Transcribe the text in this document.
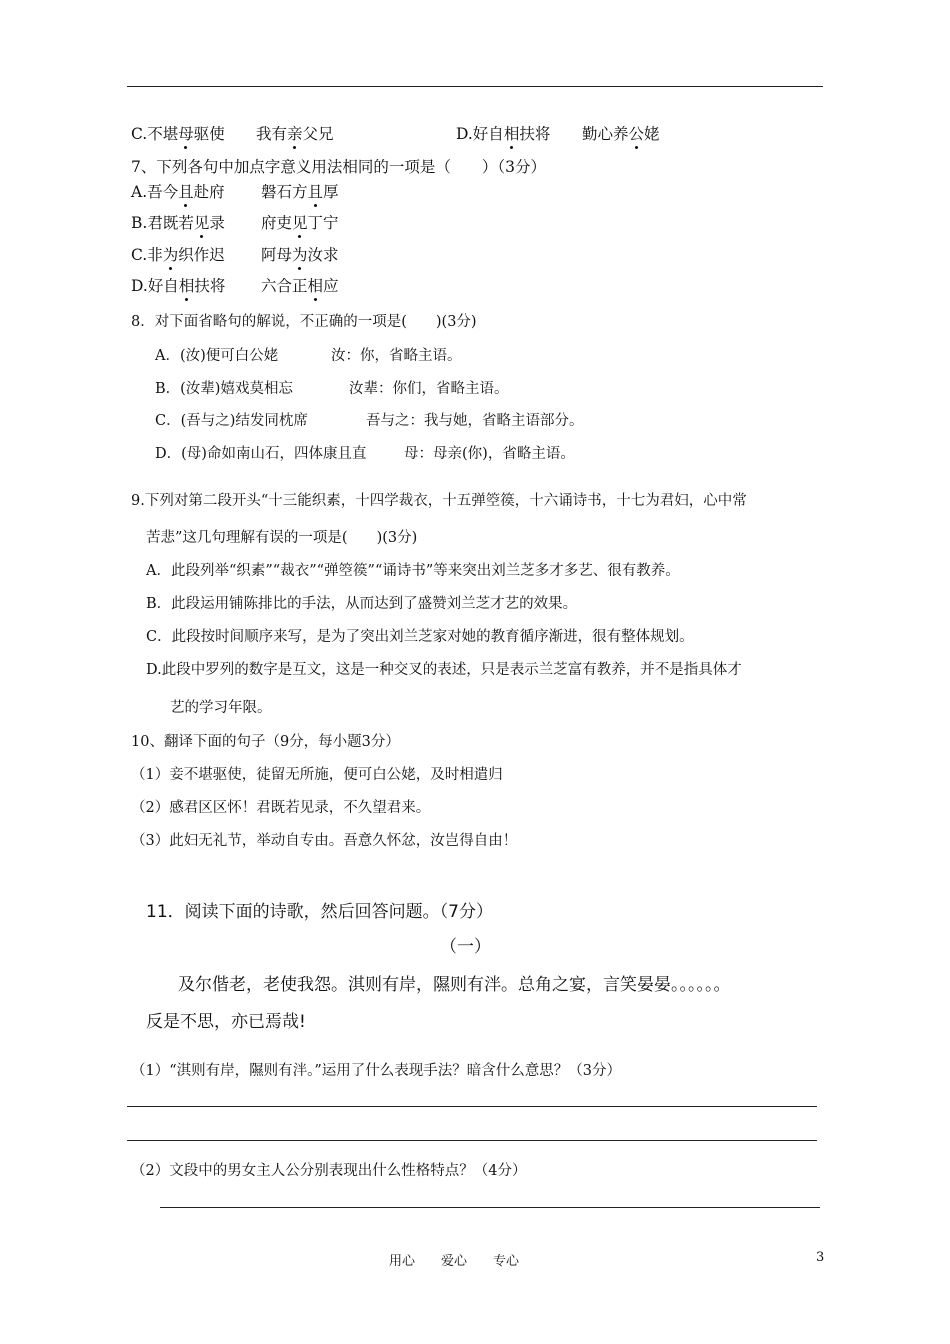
C.不堪母驱使 我有亲父兄	D.好自相扶将 勤心养公姥
7、下列各句中加点字意义用法相同的一项是（　　）（3分）
A.吾今且赴府 磐石方且厚
B.君既若见录 府吏见丁宁
C.非为织作迟 阿母为汝求
D.好自相扶将 六合正相应
8．对下面省略句的解说，不正确的一项是(　　)(3分)
A．(汝)便可白公姥	汝：你，省略主语。
B．(汝辈)嬉戏莫相忘	汝辈：你们，省略主语。
C．(吾与之)结发同枕席	吾与之：我与她，省略主语部分。
D．(母)命如南山石，四体康且直	母：母亲(你)，省略主语。
9.下列对第二段开头“十三能织素，十四学裁衣，十五弹箜篌，十六诵诗书，十七为君妇，心中常
苦悲”这几句理解有误的一项是(　　)(3分)
A．此段列举“织素”“裁衣”“弹箜篌”“诵诗书”等来突出刘兰芝多才多艺、很有教养。
B．此段运用铺陈排比的手法，从而达到了盛赞刘兰芝才艺的效果。
C．此段按时间顺序来写，是为了突出刘兰芝家对她的教育循序渐进，很有整体规划。
D.此段中罗列的数字是互文，这是一种交叉的表述，只是表示兰芝富有教养，并不是指具体才
艺的学习年限。
10、翻译下面的句子（9分，每小题3分）
（1）妾不堪驱使，徒留无所施，便可白公姥，及时相遣归
（2）感君区区怀！君既若见录，不久望君来。
（3）此妇无礼节，举动自专由。吾意久怀忿，汝岂得自由！
11．阅读下面的诗歌，然后回答问题。（7分）
（一）
及尔偕老，老使我怨。淇则有岸，隰则有泮。总角之宴，言笑晏晏。。。。。。
反是不思，亦已焉哉!
（1）“淇则有岸，隰则有泮。”运用了什么表现手法？暗含什么意思？（3分）
（2）文段中的男女主人公分别表现出什么性格特点？（4分）
用心　　爱心　　专心	3
